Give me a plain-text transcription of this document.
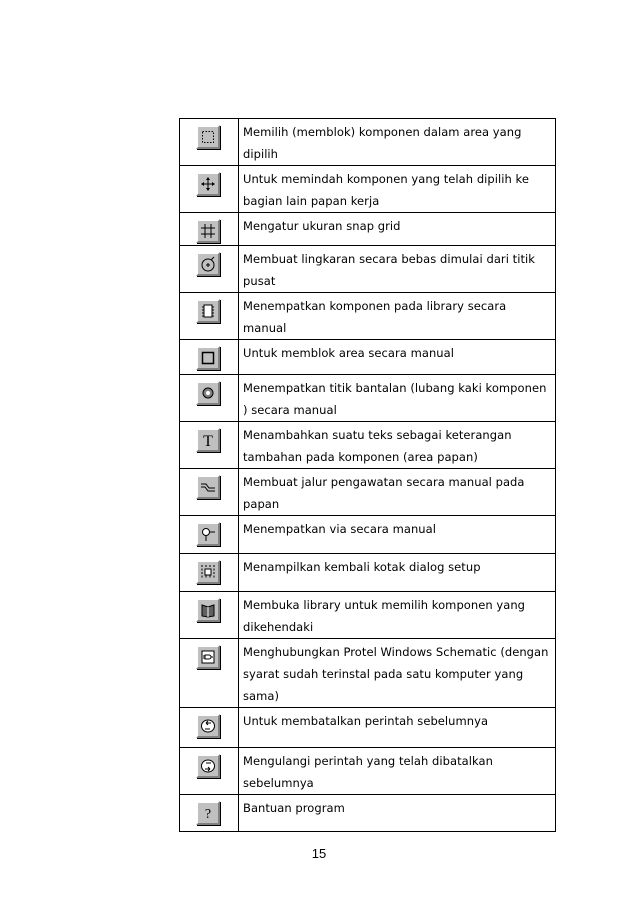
	Memilih (memblok) komponen dalam area yang dipilih

	Untuk memindah komponen yang telah dipilih ke bagian lain papan kerja

	Mengatur ukuran snap grid

	Membuat lingkaran secara bebas dimulai dari titik pusat

	Menempatkan komponen pada library secara manual

	Untuk memblok area secara manual

	Menempatkan titik bantalan (lubang kaki komponen ) secara manual

T	Menambahkan suatu teks sebagai keterangan tambahan pada komponen (area papan)

	Membuat jalur pengawatan secara manual pada papan

	Menempatkan via secara manual

	Menampilkan kembali kotak dialog setup

	Membuka library untuk memilih komponen yang dikehendaki

	Menghubungkan Protel Windows Schematic (dengan syarat sudah terinstal pada satu komputer yang sama)

	Untuk membatalkan perintah sebelumnya

	Mengulangi perintah yang telah dibatalkan sebelumnya

?	Bantuan program
15
